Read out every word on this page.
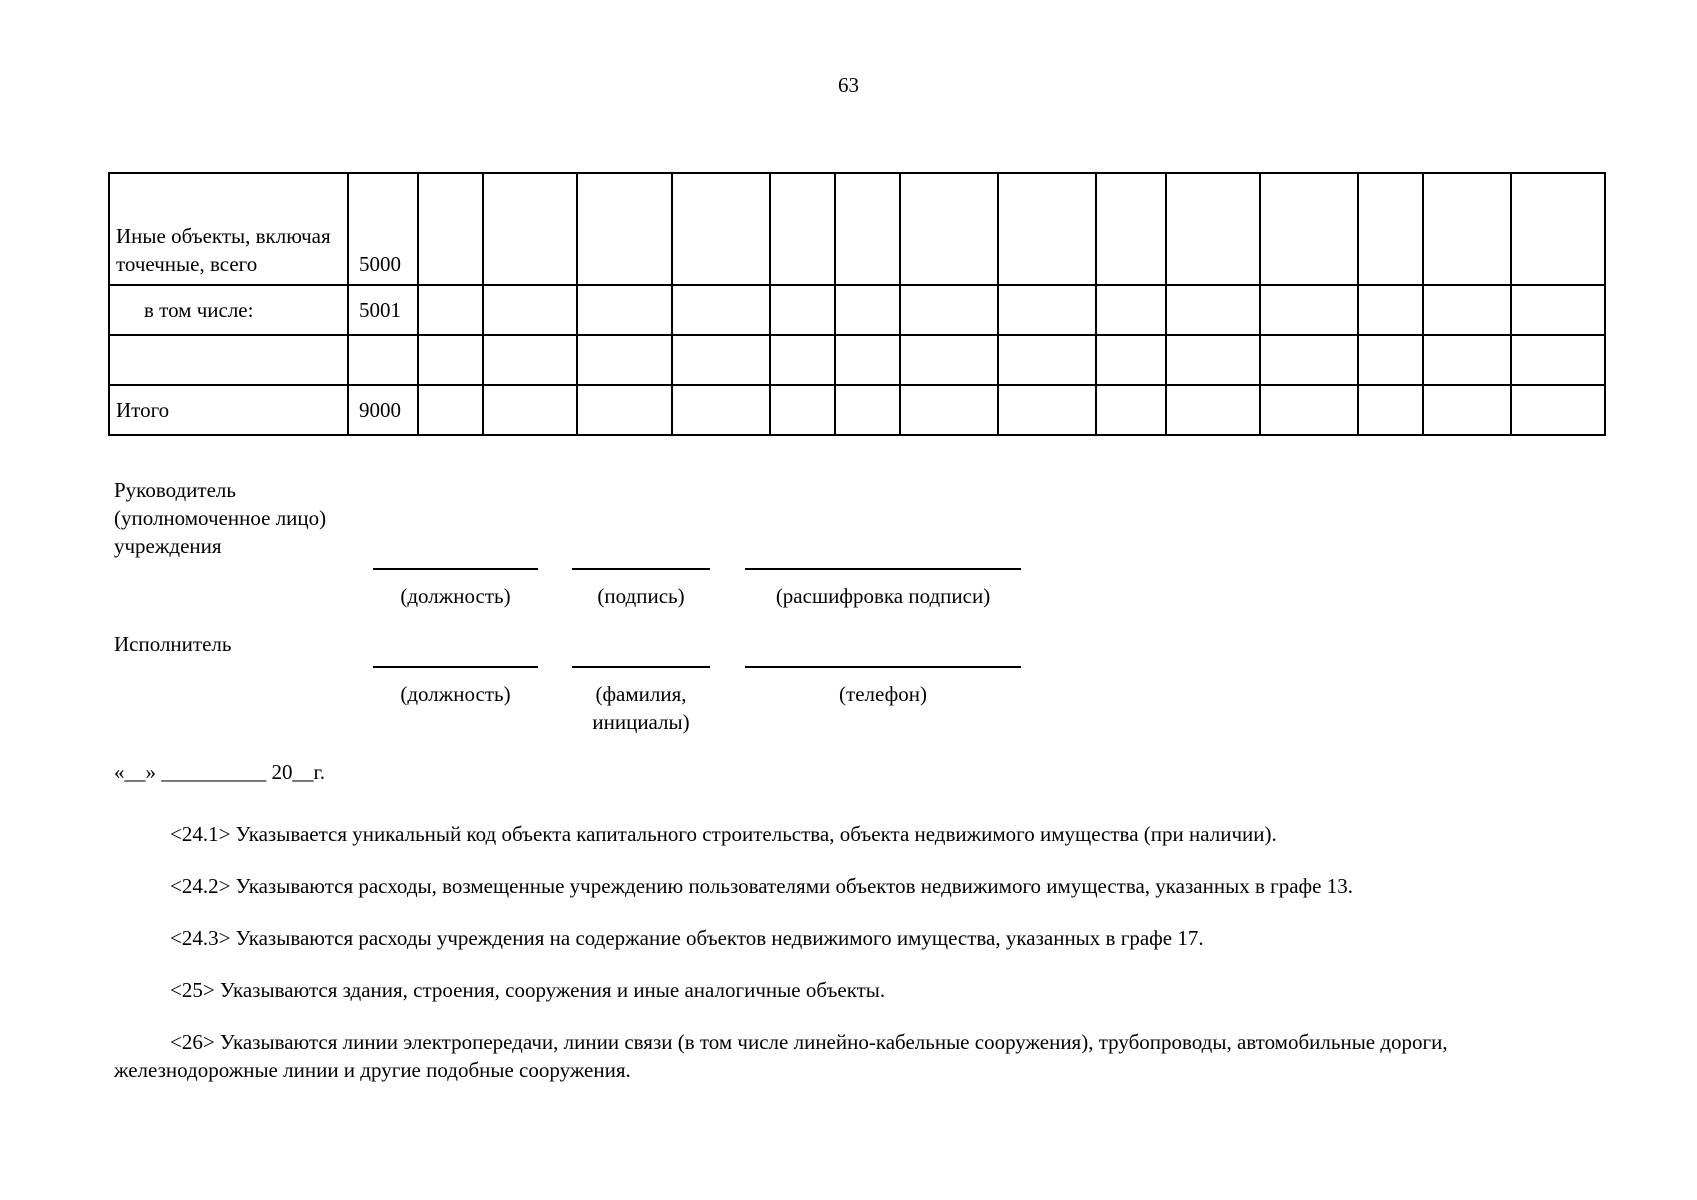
63
Иные объекты, включая точечные, всего	5000														
в том числе:	5001														

Итого	9000														
Руководитель (уполномоченное лицо) учреждения
(должность)	(подпись)	(расшифровка подписи)
Исполнитель
(должность)	(фамилия, инициалы)
(телефон)
«__» __________ 20__г.
<24.1> Указывается уникальный код объекта капитального строительства, объекта недвижимого имущества (при наличии).
<24.2> Указываются расходы, возмещенные учреждению пользователями объектов недвижимого имущества, указанных в графе 13.
<24.3> Указываются расходы учреждения на содержание объектов недвижимого имущества, указанных в графе 17.
<25> Указываются здания, строения, сооружения и иные аналогичные объекты.
<26> Указываются линии электропередачи, линии связи (в том числе линейно-кабельные сооружения), трубопроводы, автомобильные дороги, железнодорожные линии и другие подобные сооружения.
